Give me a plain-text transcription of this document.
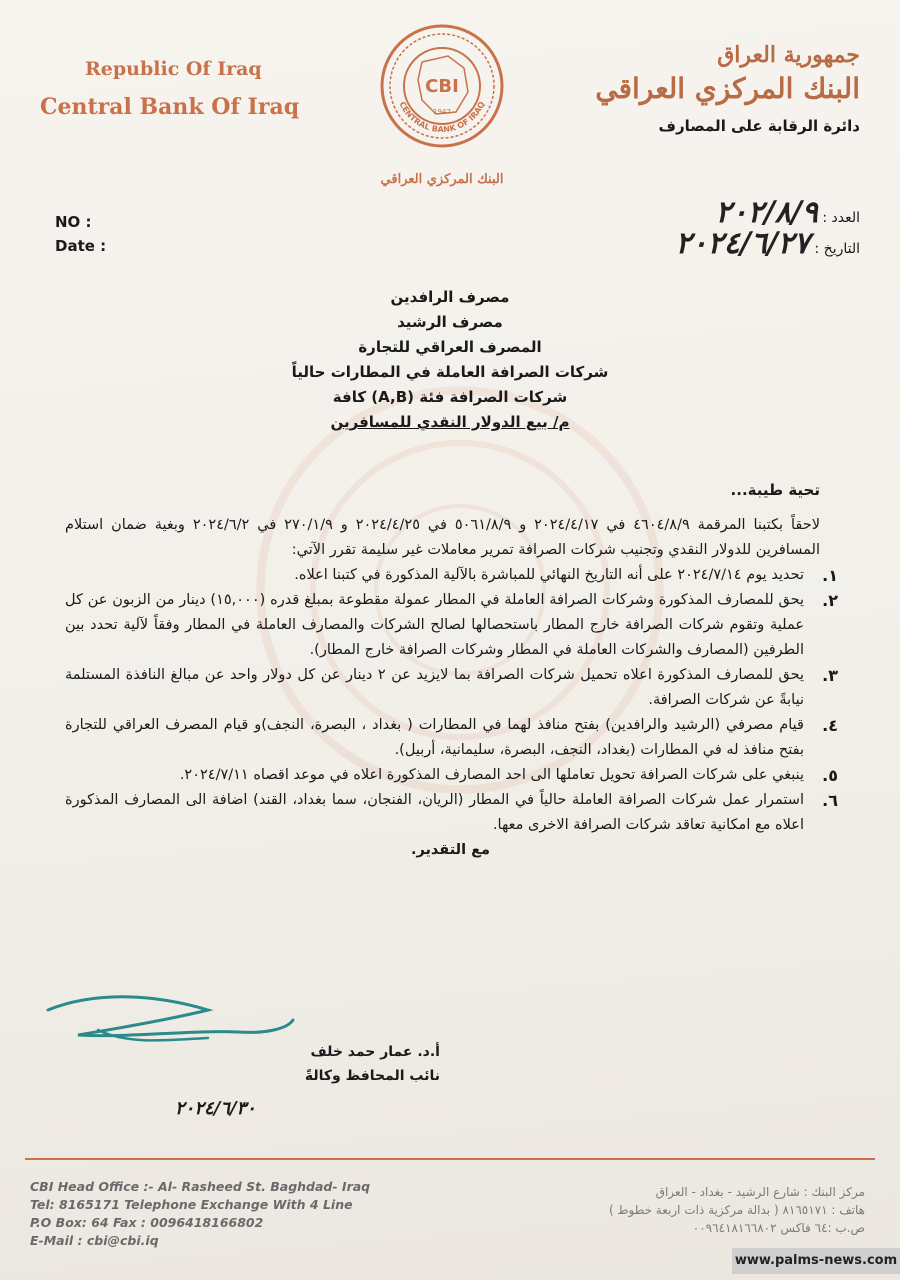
Republic Of Iraq
Central Bank Of Iraq
CBI
1947
CENTRAL BANK OF IRAQ
البنك المركزي العراقي
جمهورية العراق
البنك المركزي العراقي
دائرة الرقابة على المصارف
NO :
Date :
العدد : ٢٠٢/٨/٩
التاريخ : ٢٠٢٤/٦/٢٧
مصرف الرافدين
مصرف الرشيد
المصرف العراقي للتجارة
شركات الصرافة العاملة في المطارات حالياً
شركات الصرافة فئة (A,B) كافة
م/ بيع الدولار النقدي للمسافرين
تحية طيبة...
لاحقاً بكتبنا المرقمة ٤٦٠٤/٨/٩ في ٢٠٢٤/٤/١٧ و ٥٠٦١/٨/٩ في ٢٠٢٤/٤/٢٥ و ٢٧٠/١/٩ في ٢٠٢٤/٦/٢ وبغية ضمان استلام المسافرين للدولار النقدي وتجنيب شركات الصرافة تمرير معاملات غير سليمة تقرر الآتي:
١.
تحديد يوم ٢٠٢٤/٧/١٤ على أنه التاريخ النهائي للمباشرة بالآلية المذكورة في كتبنا اعلاه.
٢.
يحق للمصارف المذكورة وشركات الصرافة العاملة في المطار عمولة مقطوعة بمبلغ قدره (١٥,٠٠٠) دينار من الزبون عن كل عملية وتقوم شركات الصرافة خارج المطار باستحصالها لصالح الشركات والمصارف العاملة في المطار وفقاً لآلية تحدد بين الطرفين (المصارف والشركات العاملة في المطار وشركات الصرافة خارج المطار).
٣.
يحق للمصارف المذكورة اعلاه تحميل شركات الصرافة بما لايزيد عن ٢ دينار عن كل دولار واحد عن مبالغ النافذة المستلمة نيابةً عن شركات الصرافة.
٤.
قيام مصرفي (الرشيد والرافدين) بفتح منافذ لهما في المطارات ( بغداد ، البصرة، النجف)و قيام المصرف العراقي للتجارة بفتح منافذ له في المطارات (بغداد، النجف، البصرة، سليمانية، أربيل).
٥.
ينبغي على شركات الصرافة تحويل تعاملها الى احد المصارف المذكورة اعلاه في موعد اقصاه ٢٠٢٤/٧/١١.
٦.
استمرار عمل شركات الصرافة العاملة حالياً في المطار (الريان، الفنجان، سما بغداد، القند) اضافة الى المصارف المذكورة اعلاه مع امكانية تعاقد شركات الصرافة الاخرى معها.
مع التقدير.
أ.د. عمار حمد خلف
نائب المحافظ وكالةً
٢٠٢٤/٦/٣٠
CBI Head Office :- Al- Rasheed St. Baghdad- Iraq
Tel: 8165171 Telephone Exchange With 4 Line
P.O Box: 64 Fax : 0096418166802
E-Mail : cbi@cbi.iq
مركز البنك : شارع الرشيد - بغداد - العراق
هاتف : ٨١٦٥١٧١ ( بدالة مركزية ذات اربعة خطوط )
ص.ب :٦٤ فاكس ٠٠٩٦٤١٨١٦٦٨٠٢
www.palms-news.com
